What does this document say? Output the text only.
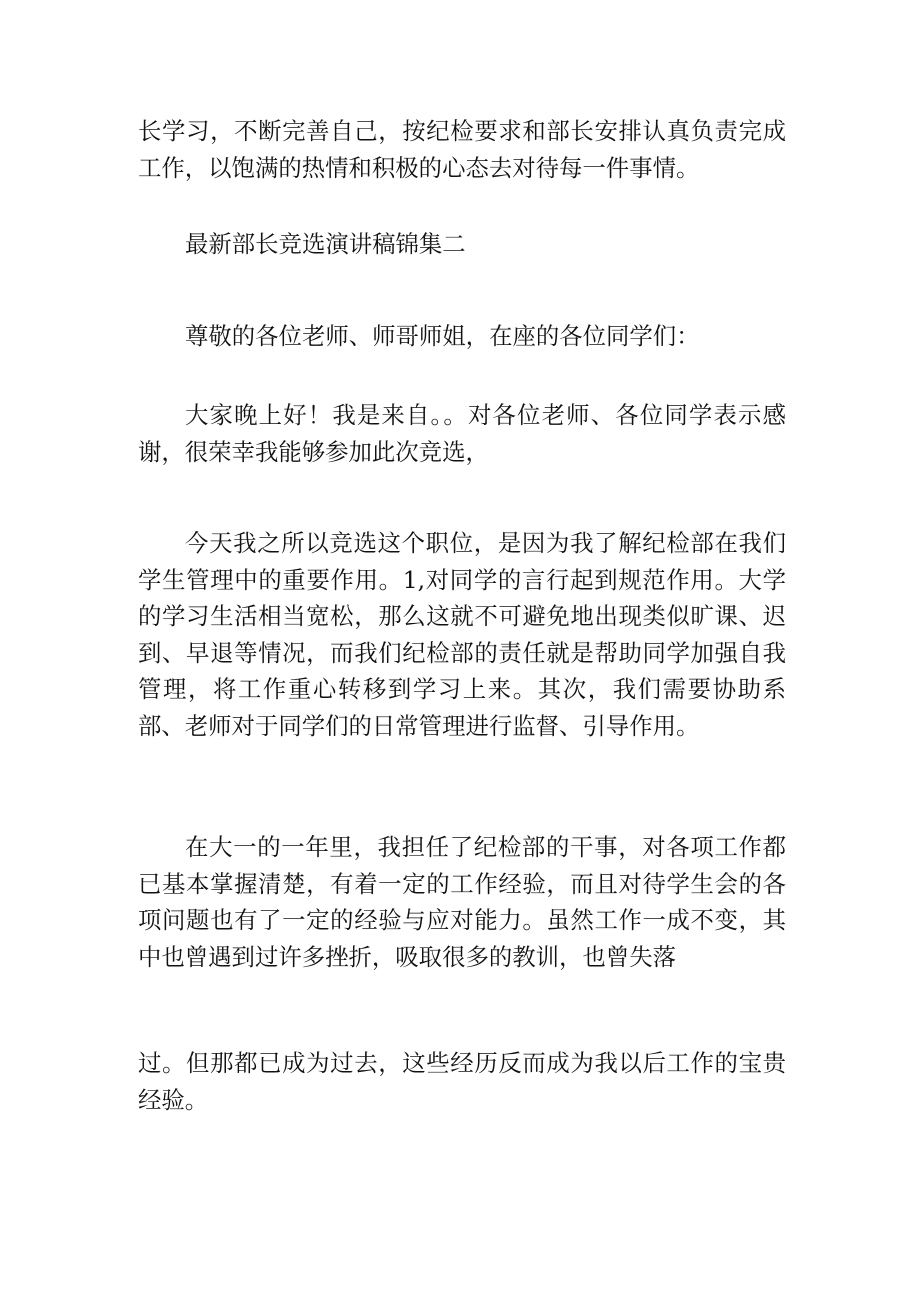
长学习，不断完善自己，按纪检要求和部长安排认真负责完成工作，以饱满的热情和积极的心态去对待每一件事情。

最新部长竞选演讲稿锦集二

尊敬的各位老师、师哥师姐，在座的各位同学们：

大家晚上好！我是来自。。对各位老师、各位同学表示感谢，很荣幸我能够参加此次竞选，

今天我之所以竞选这个职位，是因为我了解纪检部在我们学生管理中的重要作用。1,对同学的言行起到规范作用。大学的学习生活相当宽松，那么这就不可避免地出现类似旷课、迟到、早退等情况，而我们纪检部的责任就是帮助同学加强自我管理，将工作重心转移到学习上来。其次，我们需要协助系部、老师对于同学们的日常管理进行监督、引导作用。

在大一的一年里，我担任了纪检部的干事，对各项工作都已基本掌握清楚，有着一定的工作经验，而且对待学生会的各项问题也有了一定的经验与应对能力。虽然工作一成不变，其中也曾遇到过许多挫折，吸取很多的教训，也曾失落

过。但那都已成为过去，这些经历反而成为我以后工作的宝贵经验。
